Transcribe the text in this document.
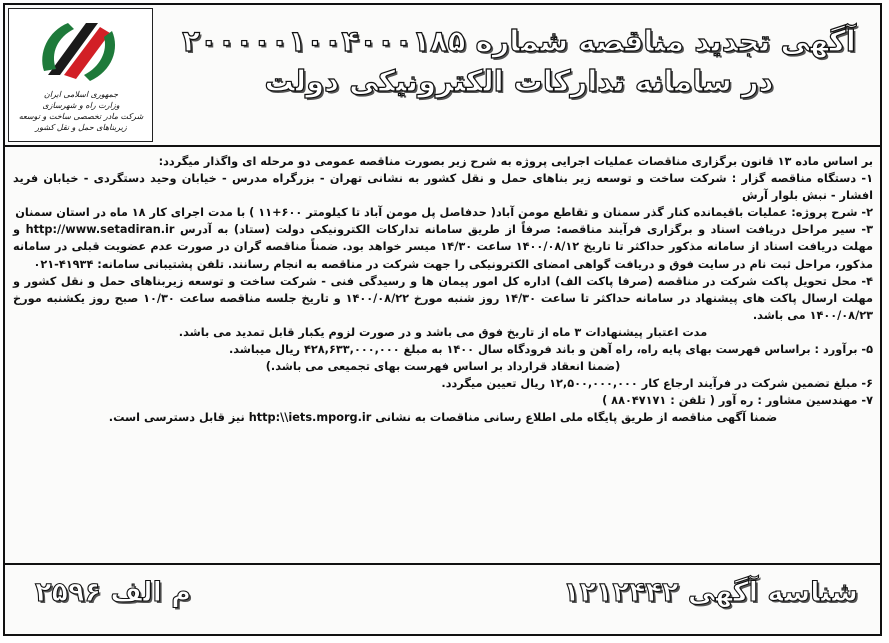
جمهوری اسلامی ایران
وزارت راه و شهرسازی
شرکت مادر تخصصی ساخت و توسعه زیربناهای حمل و نقل کشور
آگهی تجدید مناقصه شماره ۲۰۰۰۰۰۱۰۰۴۰۰۰۱۸۵
در سامانه تدارکات الکترونیکی دولت

بر اساس ماده ۱۳ قانون برگزاری مناقصات عملیات اجرایی پروژه به شرح زیر بصورت مناقصه عمومی دو مرحله ای واگذار میگردد:

۱- دستگاه مناقصه گزار : شرکت ساخت و توسعه زیر بناهای حمل و نقل کشور به نشانی تهران - بزرگراه مدرس - خیابان وحید دستگردی - خیابان فرید افشار - نبش بلوار آرش

۲- شرح پروژه: عملیات باقیمانده کنار گذر سمنان و تقاطع مومن آباد( حدفاصل پل مومن آباد تا کیلومتر ۶۰۰+۱۱ ) با مدت اجرای کار ۱۸ ماه در استان سمنان

۳- سیر مراحل دریافت اسناد و برگزاری فرآیند مناقصه: صرفاً از طریق سامانه تدارکات الکترونیکی دولت (ستاد) به آدرس http://www.setadiran.ir و مهلت دریافت اسناد از سامانه مذکور حداکثر تا تاریخ ۱۴۰۰/۰۸/۱۲ ساعت ۱۴/۳۰ میسر خواهد بود. ضمناً مناقصه گران در صورت عدم عضویت قبلی در سامانه مذکور، مراحل ثبت نام در سایت فوق و دریافت گواهی امضای الکترونیکی را جهت شرکت در مناقصه به انجام رسانند. تلفن پشتیبانی سامانه: ۴۱۹۳۴-۰۲۱

۴- محل تحویل پاکت شرکت در مناقصه (صرفا پاکت الف) اداره کل امور پیمان ها و رسیدگی فنی - شرکت ساخت و توسعه زیربناهای حمل و نقل کشور و مهلت ارسال پاکت های پیشنهاد در سامانه حداکثر تا ساعت ۱۴/۳۰ روز شنبه مورخ ۱۴۰۰/۰۸/۲۲ و تاریخ جلسه مناقصه ساعت ۱۰/۳۰ صبح روز یکشنبه مورخ ۱۴۰۰/۰۸/۲۳ می باشد.

مدت اعتبار پیشنهادات ۳ ماه از تاریخ فوق می باشد و در صورت لزوم یکبار قابل تمدید می باشد.

۵- برآورد : براساس فهرست بهای پایه راه، راه آهن و باند فرودگاه سال ۱۴۰۰ به مبلغ ۴۲۸,۶۳۳,۰۰۰,۰۰۰ ریال میباشد.

(ضمنا انعقاد قرارداد بر اساس فهرست بهای تجمیعی می باشد.)

۶- مبلغ تضمین شرکت در فرآیند ارجاع کار ۱۲,۵۰۰,۰۰۰,۰۰۰ ریال تعیین میگردد.

۷- مهندسین مشاور : ره آور ( تلفن : ۸۸۰۴۷۱۷۱ )

ضمنا آگهی مناقصه از طریق پایگاه ملی اطلاع رسانی مناقصات به نشانی http:\\iets.mporg.ir نیز قابل دسترسی است.

شناسه آگهی ۱۲۱۲۴۴۲
م الف ۲۵۹۶
